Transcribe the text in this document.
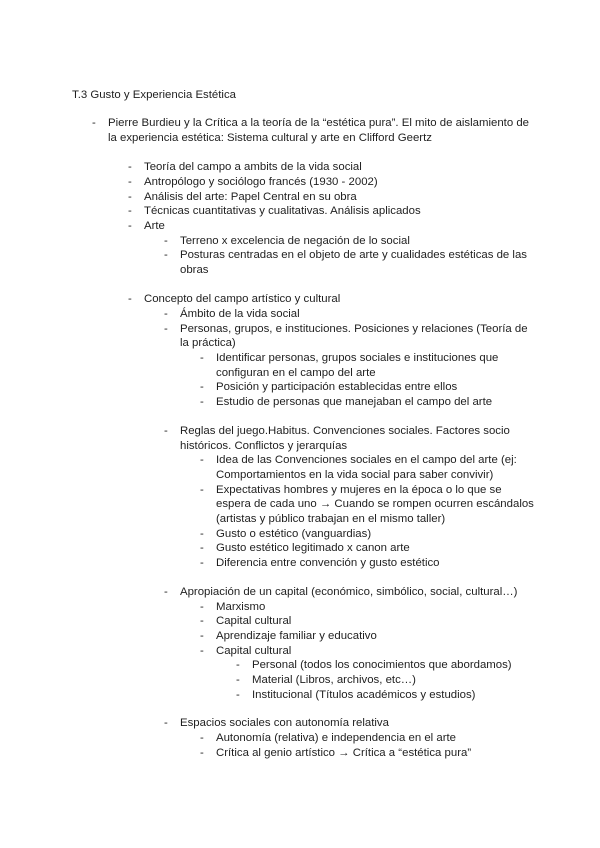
T.3 Gusto y Experiencia Estética
- Pierre Burdieu y la Crítica a la teoría de la “estética pura”. El mito de aislamiento de
la experiencia estética: Sistema cultural y arte en Clifford Geertz
- Teoría del campo a ambits de la vida social
- Antropólogo y sociólogo francés (1930 - 2002)
- Análisis del arte: Papel Central en su obra
- Técnicas cuantitativas y cualitativas. Análisis aplicados
- Arte
- Terreno x excelencia de negación de lo social
- Posturas centradas en el objeto de arte y cualidades estéticas de las
obras
- Concepto del campo artístico y cultural
- Ámbito de la vida social
- Personas, grupos, e instituciones. Posiciones y relaciones (Teoría de
la práctica)
- Identificar personas, grupos sociales e instituciones que
configuran en el campo del arte
- Posición y participación establecidas entre ellos
- Estudio de personas que manejaban el campo del arte
- Reglas del juego.Habitus. Convenciones sociales. Factores socio
históricos. Conflictos y jerarquías
- Idea de las Convenciones sociales en el campo del arte (ej:
Comportamientos en la vida social para saber convivir)
- Expectativas hombres y mujeres en la época o lo que se
espera de cada uno → Cuando se rompen ocurren escándalos
(artistas y público trabajan en el mismo taller)
- Gusto o estético (vanguardias)
- Gusto estético legitimado x canon arte
- Diferencia entre convención y gusto estético
- Apropiación de un capital (económico, simbólico, social, cultural…)
- Marxismo
- Capital cultural
- Aprendizaje familiar y educativo
- Capital cultural
- Personal (todos los conocimientos que abordamos)
- Material (Libros, archivos, etc…)
- Institucional (Títulos académicos y estudios)
- Espacios sociales con autonomía relativa
- Autonomía (relativa) e independencia en el arte
- Crítica al genio artístico → Crítica a “estética pura”
